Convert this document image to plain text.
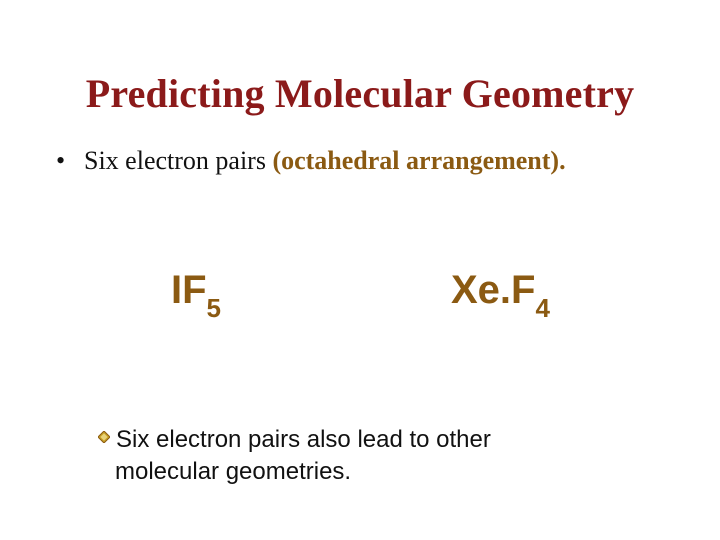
Predicting Molecular Geometry
• Six electron pairs (octahedral arrangement).
$IF_5$	$Xe.F_4$
Six electron pairs also lead to other
molecular geometries.
